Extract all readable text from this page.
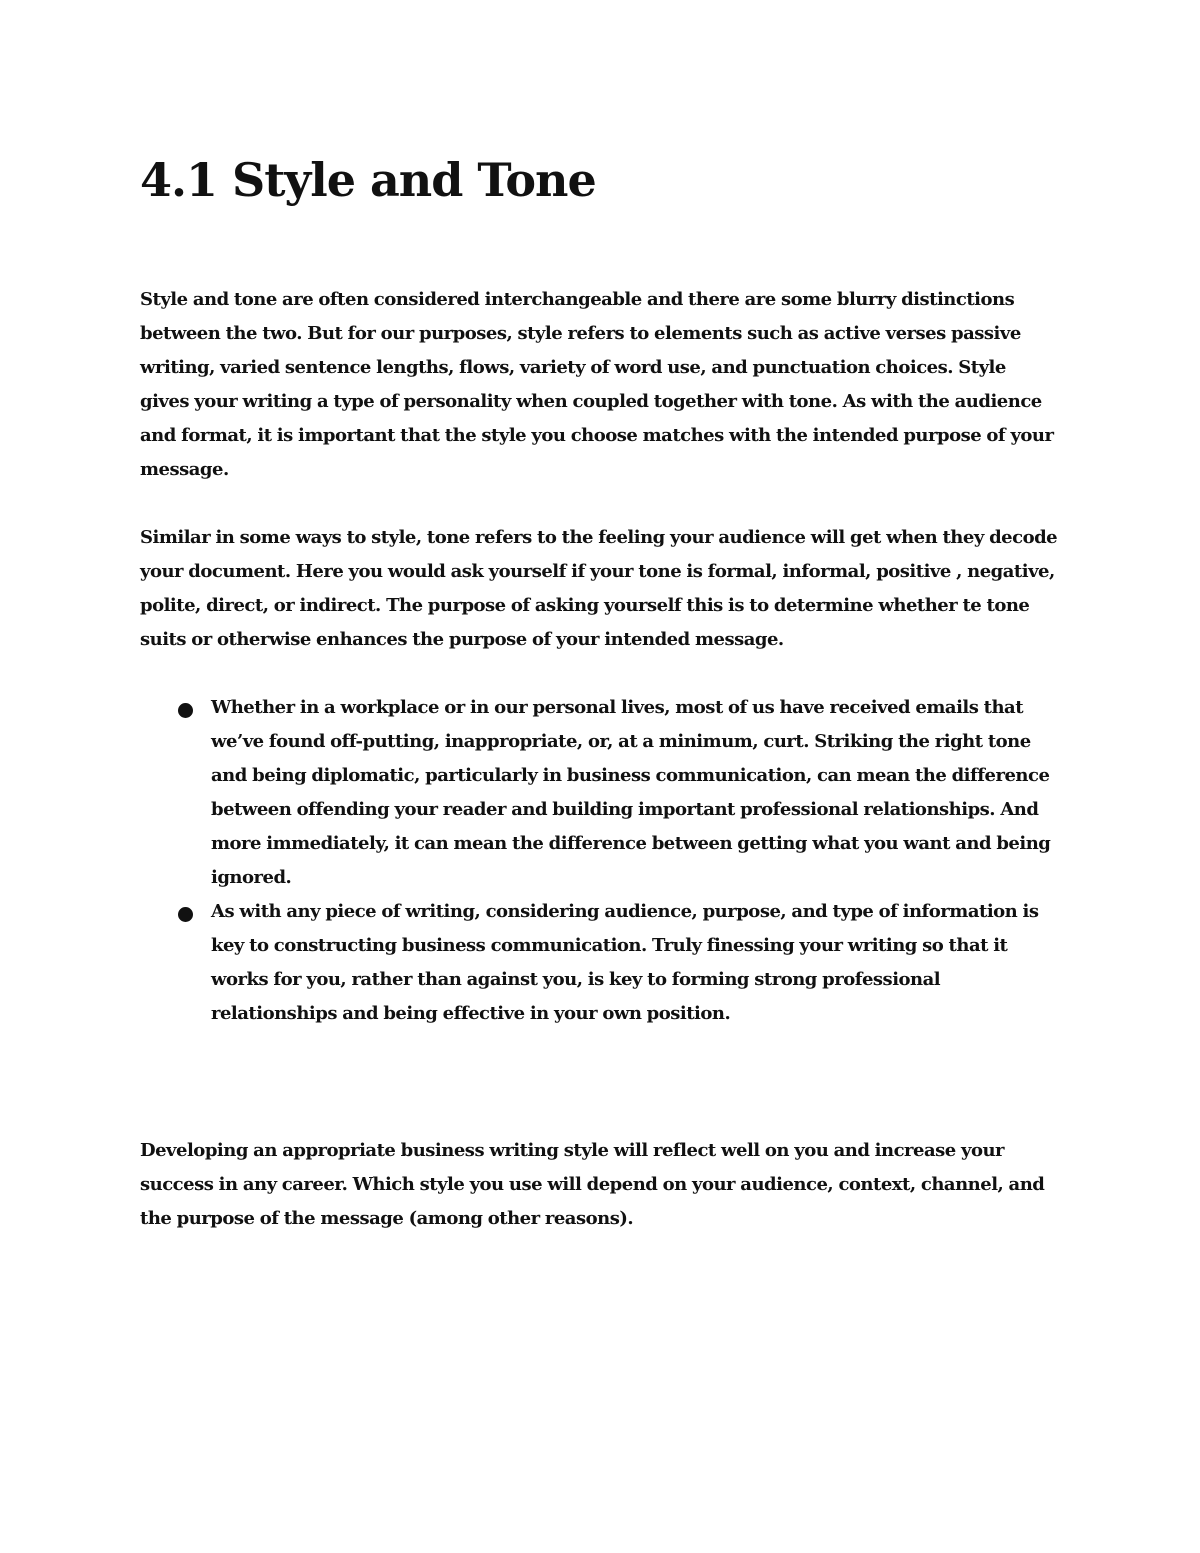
4.1 Style and Tone

Style and tone are often considered interchangeable and there are some blurry distinctions between the two. But for our purposes, style refers to elements such as active verses passive writing, varied sentence lengths, flows, variety of word use, and punctuation choices. Style gives your writing a type of personality when coupled together with tone. As with the audience and format, it is important that the style you choose matches with the intended purpose of your message.

Similar in some ways to style, tone refers to the feeling your audience will get when they decode your document. Here you would ask yourself if your tone is formal, informal, positive , negative, polite, direct, or indirect. The purpose of asking yourself this is to determine whether te tone suits or otherwise enhances the purpose of your intended message.

Whether in a workplace or in our personal lives, most of us have received emails that we’ve found off-putting, inappropriate, or, at a minimum, curt. Striking the right tone and being diplomatic, particularly in business communication, can mean the difference between offending your reader and building important professional relationships. And more immediately, it can mean the difference between getting what you want and being ignored.
As with any piece of writing, considering audience, purpose, and type of information is key to constructing business communication. Truly finessing your writing so that it works for you, rather than against you, is key to forming strong professional relationships and being effective in your own position.

Developing an appropriate business writing style will reflect well on you and increase your success in any career. Which style you use will depend on your audience, context, channel, and the purpose of the message (among other reasons).
